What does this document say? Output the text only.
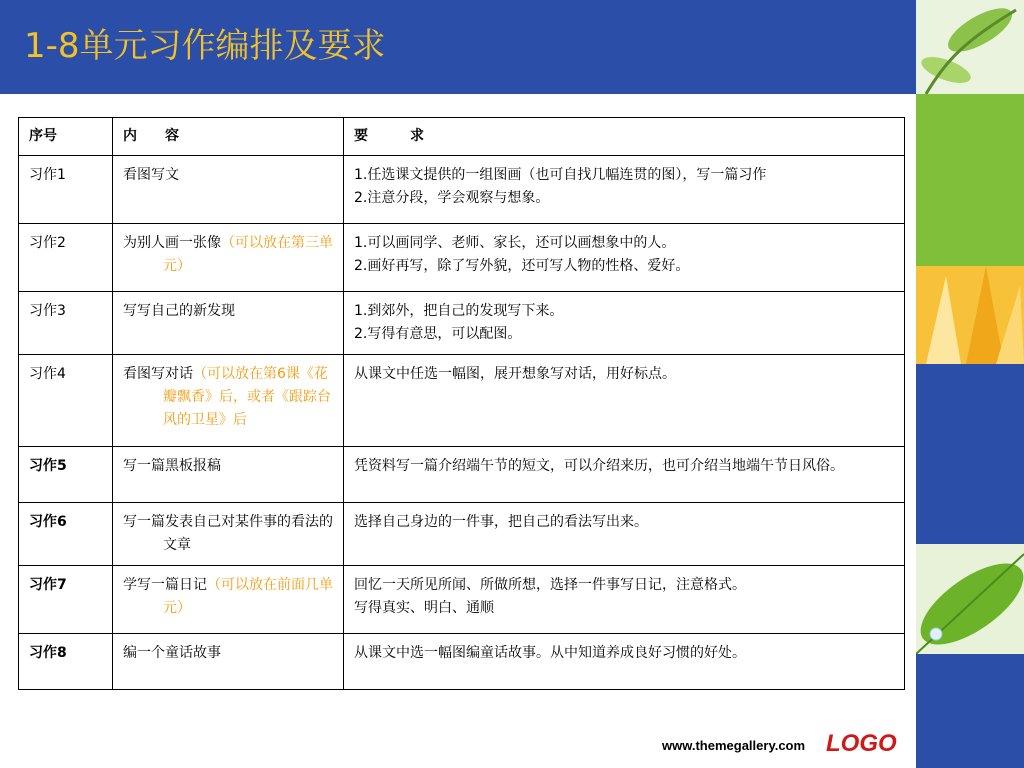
1-8单元习作编排及要求
序号	内　　容	要　　　求
习作1	看图写文	1.任选课文提供的一组图画（也可自找几幅连贯的图），写一篇习作
2.注意分段，学会观察与想象。

习作2	为别人画一张像（可以放在第三单元）	1.可以画同学、老师、家长，还可以画想象中的人。
2.画好再写，除了写外貌，还可写人物的性格、爱好。

习作3	写写自己的新发现	1.到郊外，把自己的发现写下来。
2.写得有意思，可以配图。

习作4	看图写对话（可以放在第6课《花瓣飘香》后，或者《跟踪台风的卫星》后	从课文中任选一幅图，展开想象写对话，用好标点。

习作5	写一篇黑板报稿	凭资料写一篇介绍端午节的短文，可以介绍来历，也可介绍当地端午节日风俗。

习作6	写一篇发表自己对某件事的看法的文章	选择自己身边的一件事，把自己的看法写出来。

习作7	学写一篇日记（可以放在前面几单元）	回忆一天所见所闻、所做所想，选择一件事写日记，注意格式。
写得真实、明白、通顺

习作8	编一个童话故事	从课文中选一幅图编童话故事。从中知道养成良好习惯的好处。
www.themegallery.com LOGO
